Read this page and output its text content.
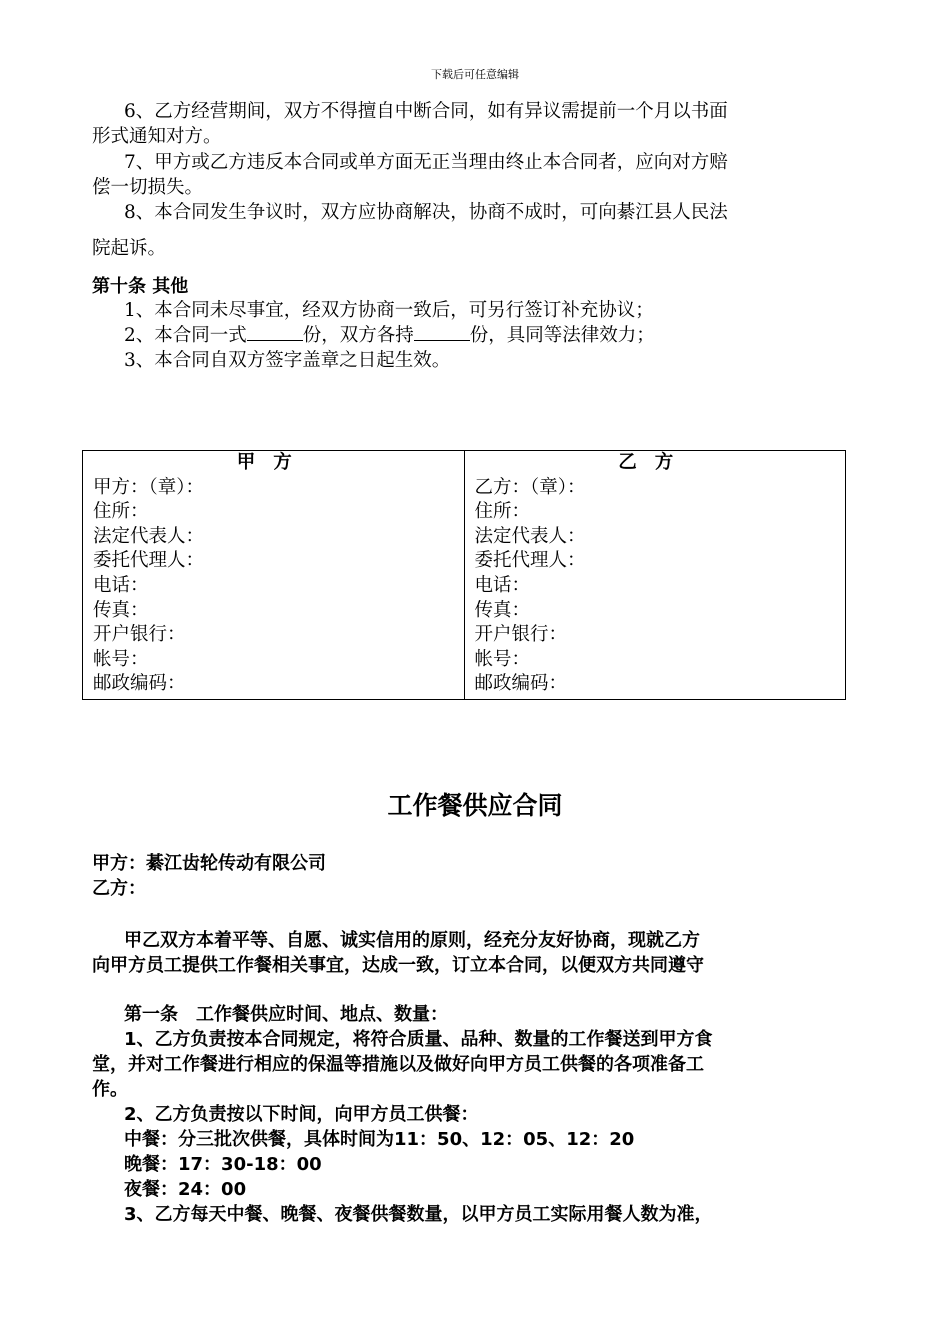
下载后可任意编辑
6、乙方经营期间，双方不得擅自中断合同，如有异议需提前一个月以书面
形式通知对方。
7、甲方或乙方违反本合同或单方面无正当理由终止本合同者，应向对方赔
偿一切损失。
8、本合同发生争议时，双方应协商解决，协商不成时，可向綦江县人民法
院起诉。
第十条 其他
1、本合同未尽事宜，经双方协商一致后，可另行签订补充协议；
2、本合同一式	份，双方各持	份，具同等法律效力；
3、本合同自双方签字盖章之日起生效。
甲方
甲方：（章）：
住所：
法定代表人：
委托代理人：
电话：
传真：
开户银行：
帐号：
邮政编码：

乙方
乙方：（章）：
住所：
法定代表人：
委托代理人：
电话：
传真：
开户银行：
帐号：
邮政编码：
工作餐供应合同
甲方：綦江齿轮传动有限公司
乙方：
甲乙双方本着平等、自愿、诚实信用的原则，经充分友好协商，现就乙方
向甲方员工提供工作餐相关事宜，达成一致，订立本合同，以便双方共同遵守
第一条　工作餐供应时间、地点、数量：
1、乙方负责按本合同规定，将符合质量、品种、数量的工作餐送到甲方食
堂，并对工作餐进行相应的保温等措施以及做好向甲方员工供餐的各项准备工
作。
2、乙方负责按以下时间，向甲方员工供餐：
中餐：分三批次供餐，具体时间为11：50、12：05、12：20
晚餐：17：30-18：00
夜餐：24：00
3、乙方每天中餐、晚餐、夜餐供餐数量，以甲方员工实际用餐人数为准，
